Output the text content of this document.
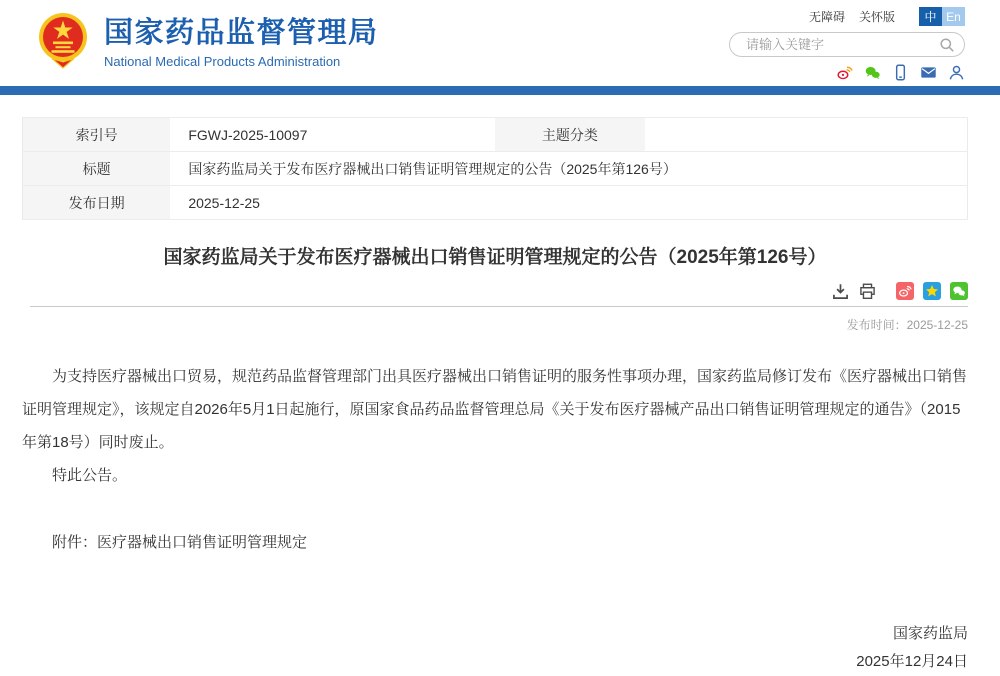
国家药品监督管理局
National Medical Products Administration
无障碍 关怀版	中 En
请输入关键字
索引号	FGWJ-2025-10097	主题分类	
标题	国家药监局关于发布医疗器械出口销售证明管理规定的公告（2025年第126号）		
发布日期	2025-12-25		
国家药监局关于发布医疗器械出口销售证明管理规定的公告（2025年第126号）
发布时间：2025-12-25

为支持医疗器械出口贸易，规范药品监督管理部门出具医疗器械出口销售证明的服务性事项办理，国家药监局修订发布《医疗器械出口销售证明管理规定》，该规定自2026年5月1日起施行，原国家食品药品监督管理总局《关于发布医疗器械产品出口销售证明管理规定的通告》（2015年第18号）同时废止。

特此公告。

附件：医疗器械出口销售证明管理规定
国家药监局
2025年12月24日
